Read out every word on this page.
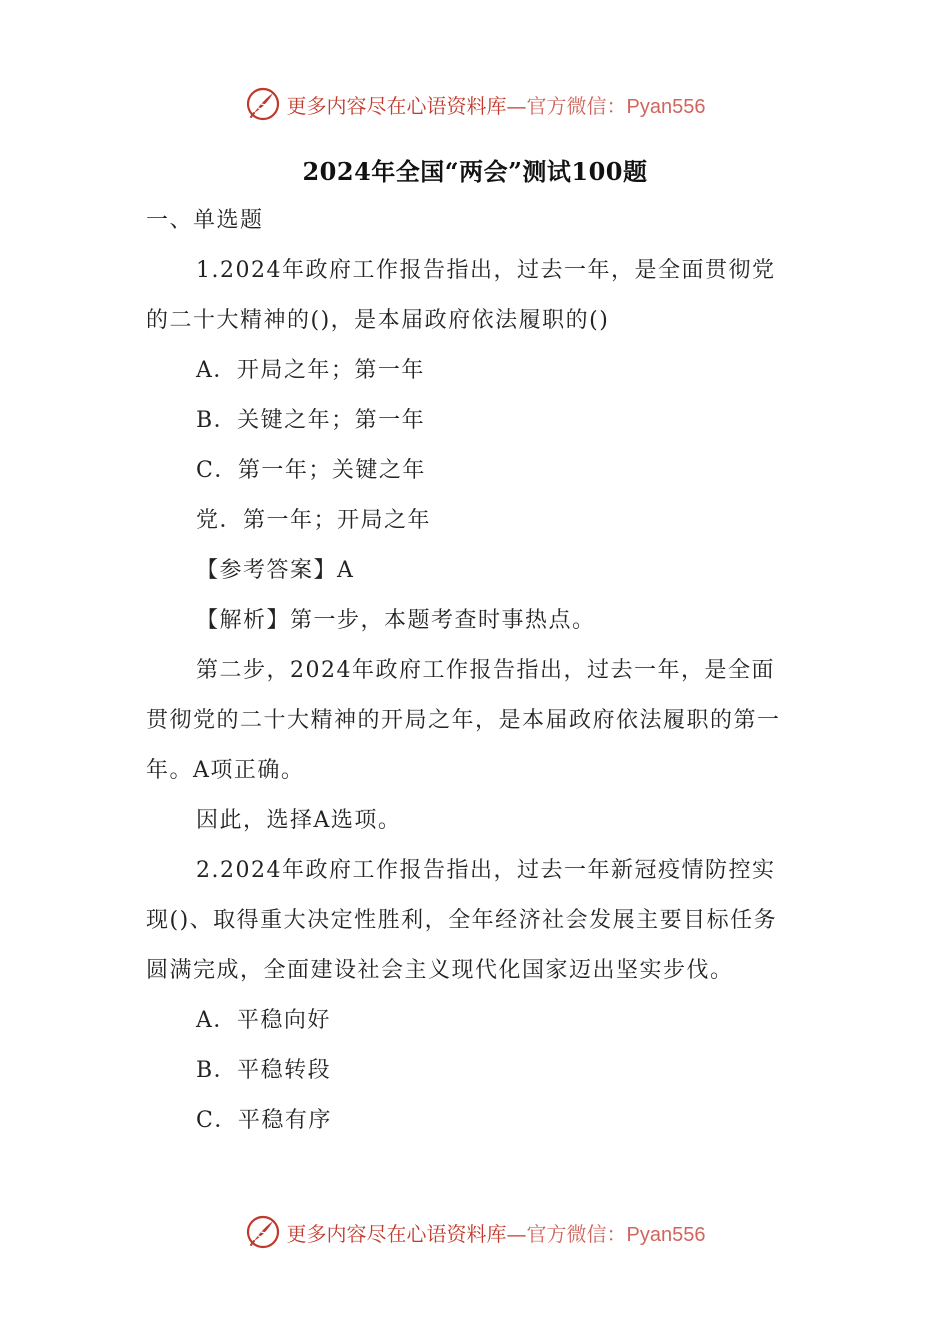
更多内容尽在心语资料库— 官方微信：Pyan556
2024年全国“两会”测试100题
一、单选题
1.2024年政府工作报告指出，过去一年，是全面贯彻党的二十大精神的()，是本届政府依法履职的()
A．开局之年；第一年
B．关键之年；第一年
C．第一年；关键之年
党．第一年；开局之年
【参考答案】A
【解析】第一步，本题考查时事热点。
第二步，2024年政府工作报告指出，过去一年，是全面贯彻党的二十大精神的开局之年，是本届政府依法履职的第一年。A项正确。
因此，选择A选项。
2.2024年政府工作报告指出，过去一年新冠疫情防控实现()、取得重大决定性胜利，全年经济社会发展主要目标任务圆满完成，全面建设社会主义现代化国家迈出坚实步伐。
A．平稳向好
B．平稳转段
C．平稳有序
更多内容尽在心语资料库— 官方微信：Pyan556
